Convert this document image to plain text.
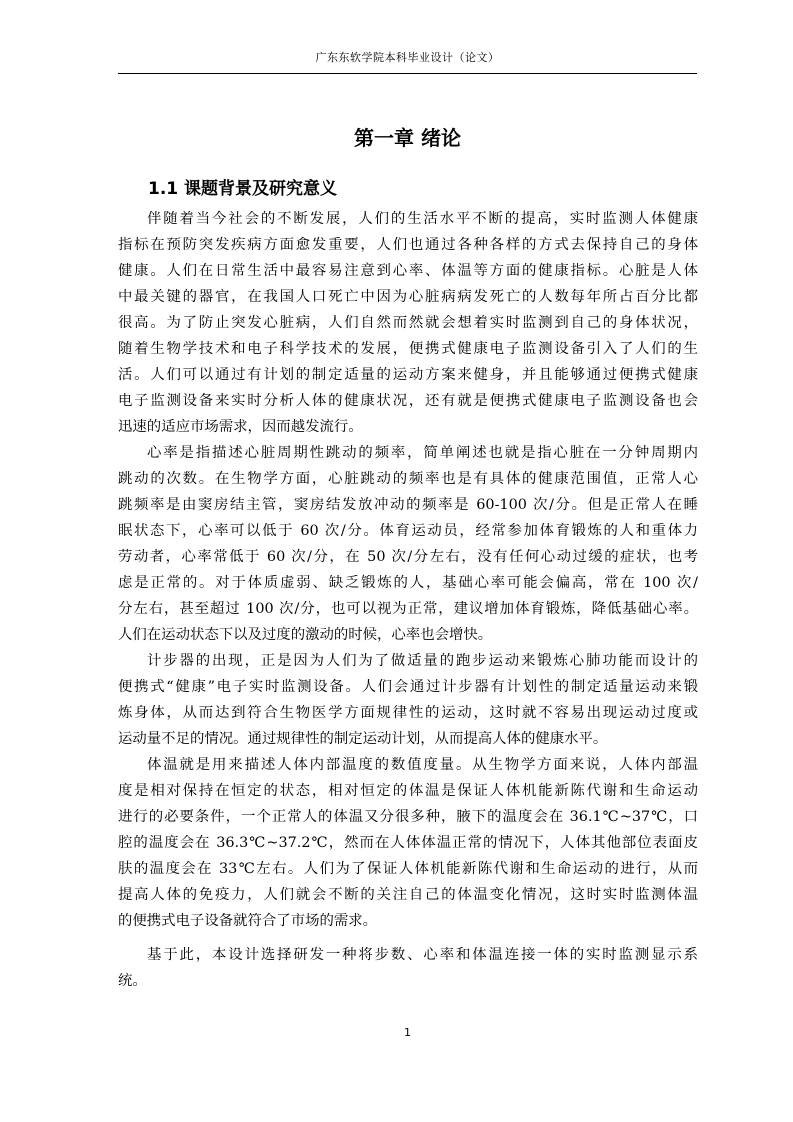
广东东软学院本科毕业设计（论文）
第一章 绪论
1.1 课题背景及研究意义
伴随着当今社会的不断发展，人们的生活水平不断的提高，实时监测人体健康
指标在预防突发疾病方面愈发重要，人们也通过各种各样的方式去保持自己的身体
健康。人们在日常生活中最容易注意到心率、体温等方面的健康指标。心脏是人体
中最关键的器官，在我国人口死亡中因为心脏病病发死亡的人数每年所占百分比都
很高。为了防止突发心脏病，人们自然而然就会想着实时监测到自己的身体状况，
随着生物学技术和电子科学技术的发展，便携式健康电子监测设备引入了人们的生
活。人们可以通过有计划的制定适量的运动方案来健身，并且能够通过便携式健康
电子监测设备来实时分析人体的健康状况，还有就是便携式健康电子监测设备也会
迅速的适应市场需求，因而越发流行。
心率是指描述心脏周期性跳动的频率，简单阐述也就是指心脏在一分钟周期内
跳动的次数。在生物学方面，心脏跳动的频率也是有具体的健康范围值，正常人心
跳频率是由窦房结主管，窦房结发放冲动的频率是 60-100 次/分。但是正常人在睡
眠状态下，心率可以低于 60 次/分。体育运动员，经常参加体育锻炼的人和重体力
劳动者，心率常低于 60 次/分，在 50 次/分左右，没有任何心动过缓的症状，也考
虑是正常的。对于体质虚弱、缺乏锻炼的人，基础心率可能会偏高，常在 100 次/
分左右，甚至超过 100 次/分，也可以视为正常，建议增加体育锻炼，降低基础心率。
人们在运动状态下以及过度的激动的时候，心率也会增快。
计步器的出现，正是因为人们为了做适量的跑步运动来锻炼心肺功能而设计的
便携式“健康”电子实时监测设备。人们会通过计步器有计划性的制定适量运动来锻
炼身体，从而达到符合生物医学方面规律性的运动，这时就不容易出现运动过度或
运动量不足的情况。通过规律性的制定运动计划，从而提高人体的健康水平。
体温就是用来描述人体内部温度的数值度量。从生物学方面来说，人体内部温
度是相对保持在恒定的状态，相对恒定的体温是保证人体机能新陈代谢和生命运动
进行的必要条件，一个正常人的体温又分很多种，腋下的温度会在 36.1℃~37℃，口
腔的温度会在 36.3℃~37.2℃，然而在人体体温正常的情况下，人体其他部位表面皮
肤的温度会在 33℃左右。人们为了保证人体机能新陈代谢和生命运动的进行，从而
提高人体的免疫力，人们就会不断的关注自己的体温变化情况，这时实时监测体温
的便携式电子设备就符合了市场的需求。
基于此，本设计选择研发一种将步数、心率和体温连接一体的实时监测显示系
统。
1
